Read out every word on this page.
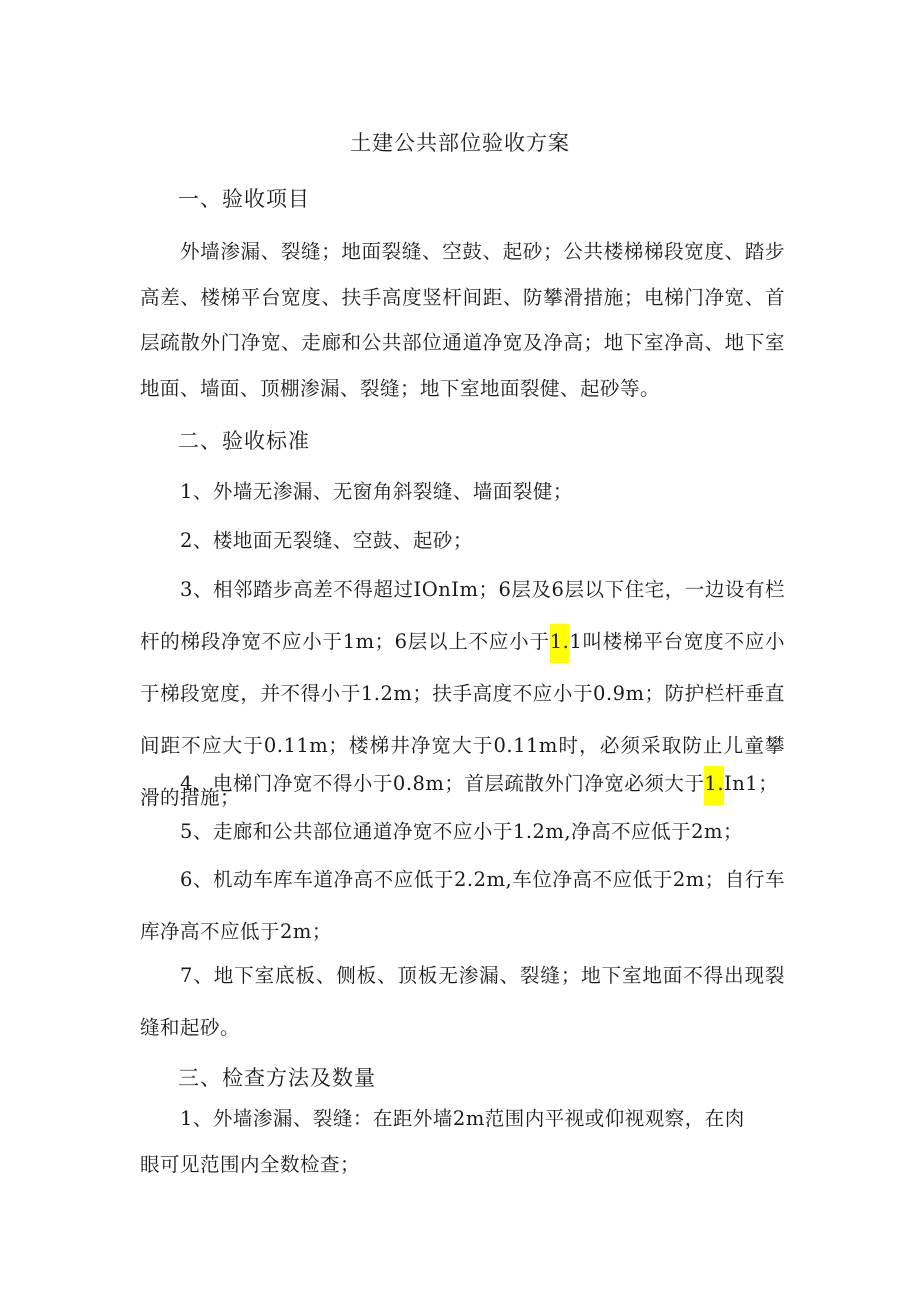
土建公共部位验收方案
一、验收项目
外墙渗漏、裂缝；地面裂缝、空鼓、起砂；公共楼梯梯段宽度、踏步高差、楼梯平台宽度、扶手高度竖杆间距、防攀滑措施；电梯门净宽、首层疏散外门净宽、走廊和公共部位通道净宽及净高；地下室净高、地下室地面、墙面、顶棚渗漏、裂缝；地下室地面裂健、起砂等。
二、验收标准
1、外墙无渗漏、无窗角斜裂缝、墙面裂健；
2、楼地面无裂缝、空鼓、起砂；
3、相邻踏步高差不得超过IOnIm；6层及6层以下住宅，一边设有栏杆的梯段净宽不应小于1m；6层以上不应小于1.1叫楼梯平台宽度不应小于梯段宽度，并不得小于1.2m；扶手高度不应小于0.9m；防护栏杆垂直间距不应大于0.11m；楼梯井净宽大于0.11m时，必须采取防止儿童攀滑的措施；
4、电梯门净宽不得小于0.8m；首层疏散外门净宽必须大于1.In1；
5、走廊和公共部位通道净宽不应小于1.2m,净高不应低于2m；
6、机动车库车道净高不应低于2.2m,车位净高不应低于2m；自行车库净高不应低于2m；
7、地下室底板、侧板、顶板无渗漏、裂缝；地下室地面不得出现裂缝和起砂。
三、检查方法及数量
1、外墙渗漏、裂缝：在距外墙2m范围内平视或仰视观察，在肉
眼可见范围内全数检查；
